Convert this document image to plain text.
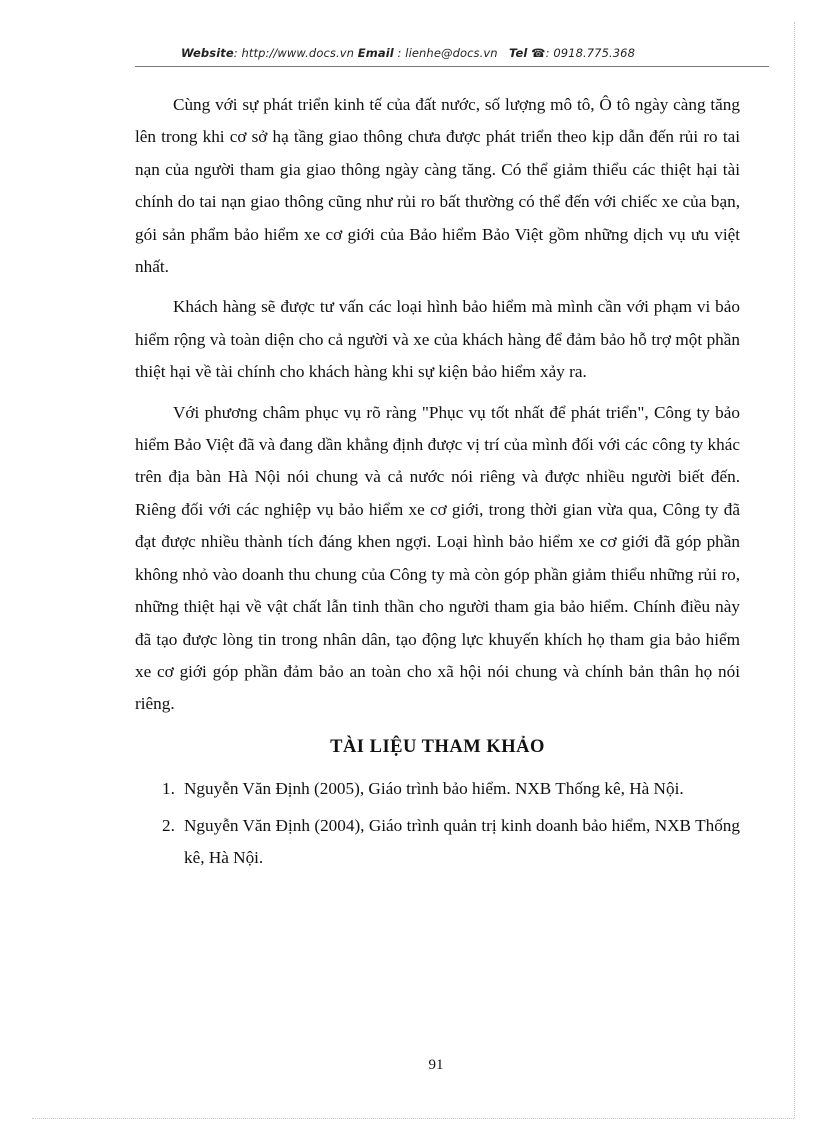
Website: http://www.docs.vn Email : lienhe@docs.vn Tel ☎: 0918.775.368

Cùng với sự phát triển kinh tế của đất nước, số lượng mô tô, Ô tô ngày càng tăng lên trong khi cơ sở hạ tầng giao thông chưa được phát triển theo kịp dẫn đến rủi ro tai nạn của người tham gia giao thông ngày càng tăng. Có thể giảm thiểu các thiệt hại tài chính do tai nạn giao thông cũng như rủi ro bất thường có thể đến với chiếc xe của bạn, gói sản phẩm bảo hiểm xe cơ giới của Bảo hiểm Bảo Việt gồm những dịch vụ ưu việt nhất.

Khách hàng sẽ được tư vấn các loại hình bảo hiểm mà mình cần với phạm vi bảo hiểm rộng và toàn diện cho cả người và xe của khách hàng để đảm bảo hỗ trợ một phần thiệt hại về tài chính cho khách hàng khi sự kiện bảo hiểm xảy ra.

Với phương châm phục vụ rõ ràng "Phục vụ tốt nhất để phát triển", Công ty bảo hiểm Bảo Việt đã và đang dần khẳng định được vị trí của mình đối với các công ty khác trên địa bàn Hà Nội nói chung và cả nước nói riêng và được nhiều người biết đến. Riêng đối với các nghiệp vụ bảo hiểm xe cơ giới, trong thời gian vừa qua, Công ty đã đạt được nhiều thành tích đáng khen ngợi. Loại hình bảo hiểm xe cơ giới đã góp phần không nhỏ vào doanh thu chung của Công ty mà còn góp phần giảm thiểu những rủi ro, những thiệt hại về vật chất lẫn tinh thần cho người tham gia bảo hiểm. Chính điều này đã tạo được lòng tin trong nhân dân, tạo động lực khuyến khích họ tham gia bảo hiểm xe cơ giới góp phần đảm bảo an toàn cho xã hội nói chung và chính bản thân họ nói riêng.

TÀI LIỆU THAM KHẢO
1. Nguyễn Văn Định (2005), Giáo trình bảo hiểm. NXB Thống kê, Hà Nội.
2. Nguyễn Văn Định (2004), Giáo trình quản trị kinh doanh bảo hiểm, NXB Thống kê, Hà Nội.
91
